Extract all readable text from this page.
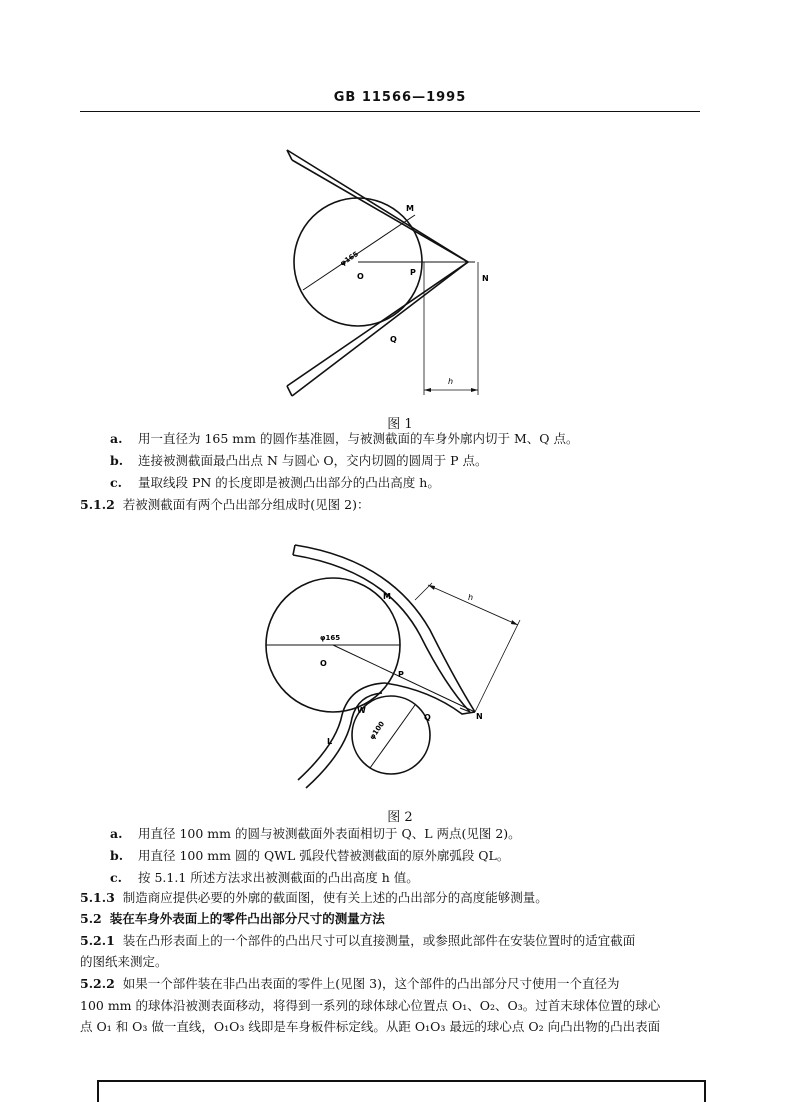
GB 11566—1995
M
O	P
N
Q
h
φ165
图 1
a. 用一直径为 165 mm 的圆作基准圆，与被测截面的车身外廓内切于 M、Q 点。
b. 连接被测截面最凸出点 N 与圆心 O，交内切圆的圆周于 P 点。
c. 量取线段 PN 的长度即是被测凸出部分的凸出高度 h。
5.1.2 若被测截面有两个凸出部分组成时(见图 2)：
M
O
P
N
Q
W
L
h
φ165
φ100
图 2
a. 用直径 100 mm 的圆与被测截面外表面相切于 Q、L 两点(见图 2)。
b. 用直径 100 mm 圆的 QWL 弧段代替被测截面的原外廓弧段 QL。
c. 按 5.1.1 所述方法求出被测截面的凸出高度 h 值。
5.1.3 制造商应提供必要的外廓的截面图，使有关上述的凸出部分的高度能够测量。
5.2 装在车身外表面上的零件凸出部分尺寸的测量方法
5.2.1 装在凸形表面上的一个部件的凸出尺寸可以直接测量，或参照此部件在安装位置时的适宜截面
的图纸来测定。
5.2.2 如果一个部件装在非凸出表面的零件上(见图 3)，这个部件的凸出部分尺寸使用一个直径为
100 mm 的球体沿被测表面移动，将得到一系列的球体球心位置点 O₁、O₂、O₃。过首末球体位置的球心
点 O₁ 和 O₃ 做一直线，O₁O₃ 线即是车身板件标定线。从距 O₁O₃ 最远的球心点 O₂ 向凸出物的凸出表面
